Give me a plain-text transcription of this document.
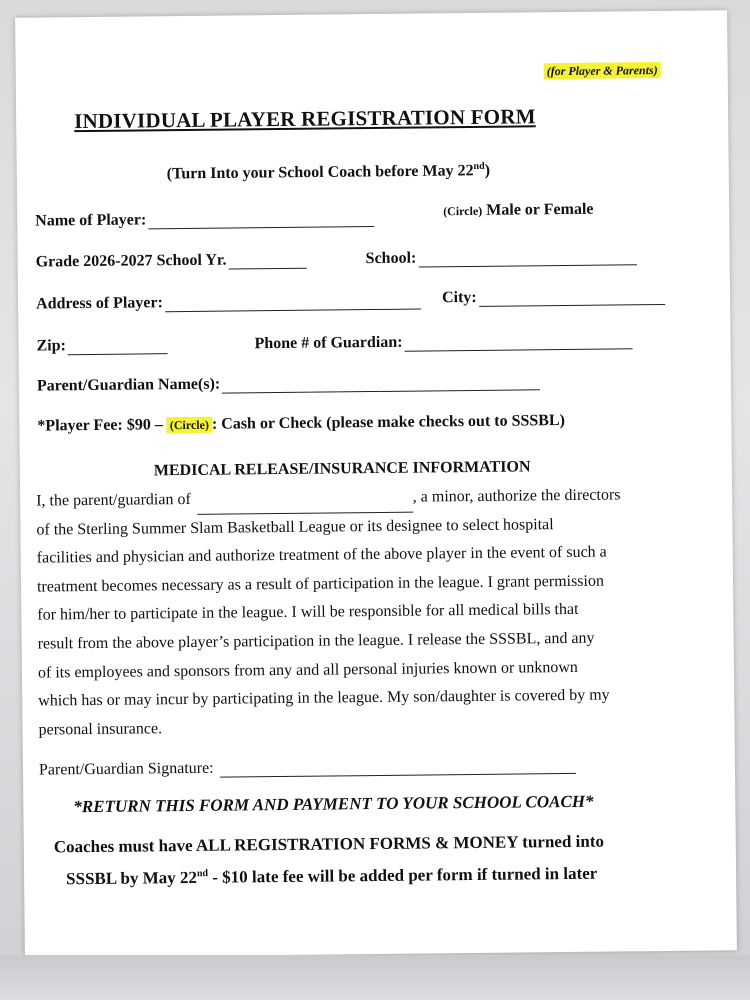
(for Player & Parents)
INDIVIDUAL PLAYER REGISTRATION FORM
(Turn Into your School Coach before May 22nd)
Name of Player:
(Circle) Male or Female
Grade 2026-2027 School Yr.	School:
Address of Player:	City:
Zip:	Phone # of Guardian:
Parent/Guardian Name(s):
*Player Fee: $90 – (Circle) : Cash or Check (please make checks out to SSSBL)
MEDICAL RELEASE/INSURANCE INFORMATION
I, the parent/guardian of	, a minor, authorize the directors
of the Sterling Summer Slam Basketball League or its designee to select hospital
facilities and physician and authorize treatment of the above player in the event of such a
treatment becomes necessary as a result of participation in the league. I grant permission
for him/her to participate in the league. I will be responsible for all medical bills that
result from the above player’s participation in the league. I release the SSSBL, and any
of its employees and sponsors from any and all personal injuries known or unknown
which has or may incur by participating in the league. My son/daughter is covered by my
personal insurance.
Parent/Guardian Signature:
*RETURN THIS FORM AND PAYMENT TO YOUR SCHOOL COACH*
Coaches must have ALL REGISTRATION FORMS & MONEY turned into
SSSBL by May 22nd - $10 late fee will be added per form if turned in later
